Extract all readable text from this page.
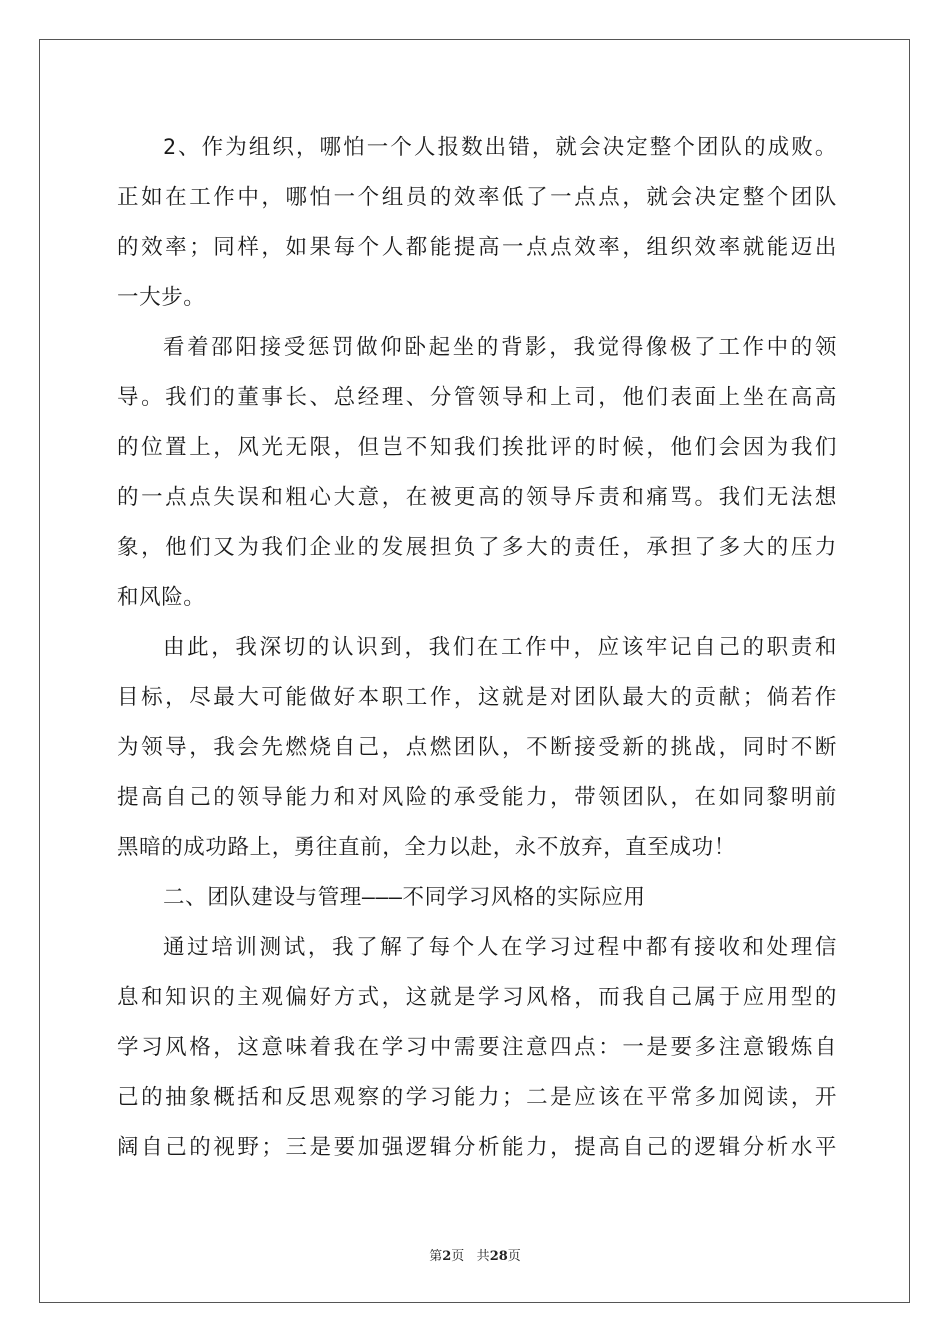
2、作为组织，哪怕一个人报数出错，就会决定整个团队的成败。
正如在工作中，哪怕一个组员的效率低了一点点，就会决定整个团队
的效率；同样，如果每个人都能提高一点点效率，组织效率就能迈出
一大步。
看着邵阳接受惩罚做仰卧起坐的背影，我觉得像极了工作中的领
导。我们的董事长、总经理、分管领导和上司，他们表面上坐在高高
的位置上，风光无限，但岂不知我们挨批评的时候，他们会因为我们
的一点点失误和粗心大意，在被更高的领导斥责和痛骂。我们无法想
象，他们又为我们企业的发展担负了多大的责任，承担了多大的压力
和风险。
由此，我深切的认识到，我们在工作中，应该牢记自己的职责和
目标，尽最大可能做好本职工作，这就是对团队最大的贡献；倘若作
为领导，我会先燃烧自己，点燃团队，不断接受新的挑战，同时不断
提高自己的领导能力和对风险的承受能力，带领团队，在如同黎明前
黑暗的成功路上，勇往直前，全力以赴，永不放弃，直至成功！
二、团队建设与管理———不同学习风格的实际应用
通过培训测试，我了解了每个人在学习过程中都有接收和处理信
息和知识的主观偏好方式，这就是学习风格，而我自己属于应用型的
学习风格，这意味着我在学习中需要注意四点：一是要多注意锻炼自
己的抽象概括和反思观察的学习能力；二是应该在平常多加阅读，开
阔自己的视野；三是要加强逻辑分析能力，提高自己的逻辑分析水平
第2页 共28页
